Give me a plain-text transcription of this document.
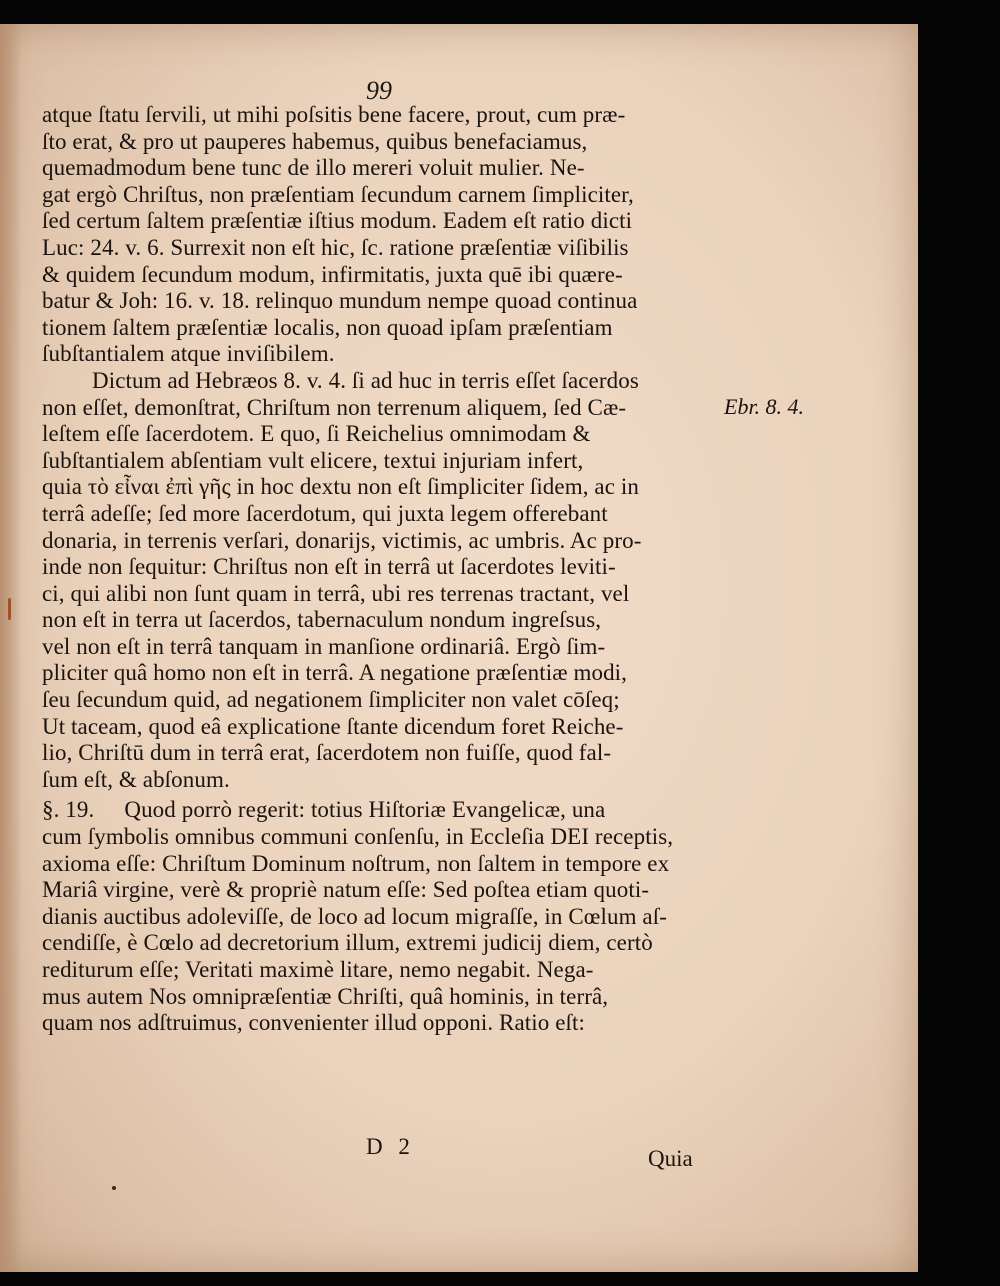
99
atque ſtatu ſervili, ut mihi poſsitis bene facere, prout, cum præ-
ſto erat, & pro ut pauperes habemus, quibus benefaciamus,
quemadmodum bene tunc de illo mereri voluit mulier. Ne-
gat ergò Chriſtus, non præſentiam ſecundum carnem ſimpliciter,
ſed certum ſaltem præſentiæ iſtius modum. Eadem eſt ratio dicti
Luc: 24. v. 6. Surrexit non eſt hic, ſc. ratione præſentiæ viſibilis
& quidem ſecundum modum, infirmitatis, juxta quē ibi quære-
batur & Joh: 16. v. 18. relinquo mundum nempe quoad continua
tionem ſaltem præſentiæ localis, non quoad ipſam præſentiam
ſubſtantialem atque inviſibilem.
Dictum ad Hebræos 8. v. 4. ſi ad huc in terris eſſet ſacerdos
non eſſet, demonſtrat, Chriſtum non terrenum aliquem, ſed Cæ-
leſtem eſſe ſacerdotem. E quo, ſi Reichelius omnimodam &
ſubſtantialem abſentiam vult elicere, textui injuriam infert,
quia τὸ εἶναι ἐπὶ γῆς in hoc dextu non eſt ſimpliciter ſidem, ac in
terrâ adeſſe; ſed more ſacerdotum, qui juxta legem offerebant
donaria, in terrenis verſari, donarijs, victimis, ac umbris. Ac pro-
inde non ſequitur: Chriſtus non eſt in terrâ ut ſacerdotes leviti-
ci, qui alibi non ſunt quam in terrâ, ubi res terrenas tractant, vel
non eſt in terra ut ſacerdos, tabernaculum nondum ingreſsus,
vel non eſt in terrâ tanquam in manſione ordinariâ. Ergò ſim-
pliciter quâ homo non eſt in terrâ. A negatione præſentiæ modi,
ſeu ſecundum quid, ad negationem ſimpliciter non valet cōſeq;
Ut taceam, quod eâ explicatione ſtante dicendum foret Reiche-
lio, Chriſtū dum in terrâ erat, ſacerdotem non fuiſſe, quod fal-
ſum eſt, & abſonum.
§. 19. Quod porrò regerit: totius Hiſtoriæ Evangelicæ, una
cum ſymbolis omnibus communi conſenſu, in Eccleſia DEI receptis,
axioma eſſe: Chriſtum Dominum noſtrum, non ſaltem in tempore ex
Mariâ virgine, verè & propriè natum eſſe: Sed poſtea etiam quoti-
dianis auctibus adoleviſſe, de loco ad locum migraſſe, in Cœlum aſ-
cendiſſe, è Cœlo ad decretorium illum, extremi judicij diem, certò
rediturum eſſe; Veritati maximè litare, nemo negabit. Nega-
mus autem Nos omnipræſentiæ Chriſti, quâ hominis, in terrâ,
quam nos adſtruimus, convenienter illud opponi. Ratio eſt:
Ebr. 8. 4.
D 2	Quia
